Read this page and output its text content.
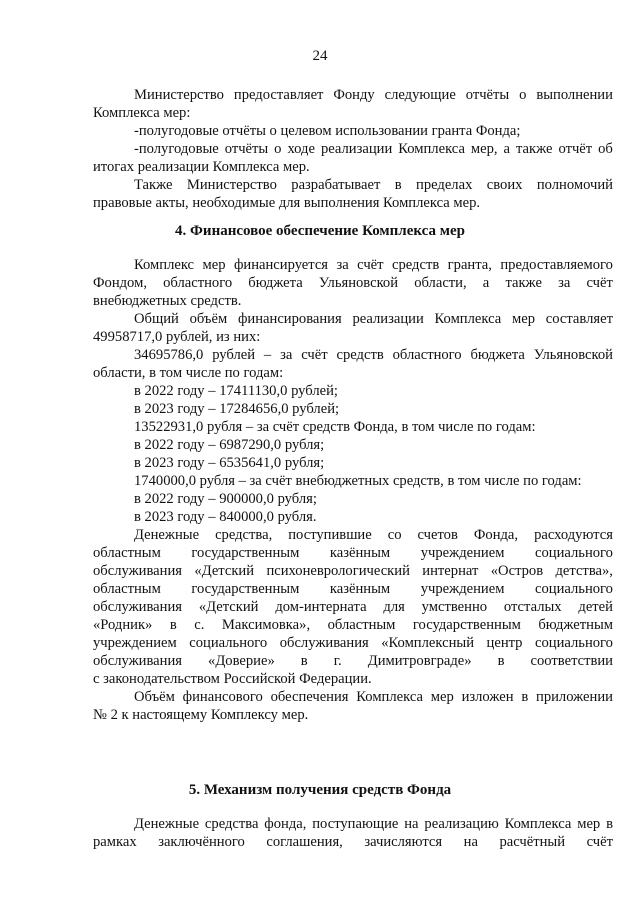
24
Министерство предоставляет Фонду следующие отчёты о выполнении
Комплекса мер:
-полугодовые отчёты о целевом использовании гранта Фонда;
-полугодовые отчёты о ходе реализации Комплекса мер, а также отчёт об
итогах реализации Комплекса мер.
Также Министерство разрабатывает в пределах своих полномочий
правовые акты, необходимые для выполнения Комплекса мер.
4. Финансовое обеспечение Комплекса мер
Комплекс мер финансируется за счёт средств гранта, предоставляемого
Фондом, областного бюджета Ульяновской области, а также за счёт
внебюджетных средств.
Общий объём финансирования реализации Комплекса мер составляет
49958717,0 рублей, из них:
34695786,0 рублей – за счёт средств областного бюджета Ульяновской
области, в том числе по годам:
в 2022 году – 17411130,0 рублей;
в 2023 году – 17284656,0 рублей;
13522931,0 рубля – за счёт средств Фонда, в том числе по годам:
в 2022 году – 6987290,0 рубля;
в 2023 году – 6535641,0 рубля;
1740000,0 рубля – за счёт внебюджетных средств, в том числе по годам:
в 2022 году – 900000,0 рубля;
в 2023 году – 840000,0 рубля.
Денежные средства, поступившие со счетов Фонда, расходуются
областным государственным казённым учреждением социального
обслуживания «Детский психоневрологический интернат «Остров детства»,
областным государственным казённым учреждением социального
обслуживания «Детский дом-интерната для умственно отсталых детей
«Родник» в с. Максимовка», областным государственным бюджетным
учреждением социального обслуживания «Комплексный центр социального
обслуживания «Доверие» в г. Димитровграде» в соответствии
с законодательством Российской Федерации.
Объём финансового обеспечения Комплекса мер изложен в приложении
№ 2 к настоящему Комплексу мер.
5. Механизм получения средств Фонда
Денежные средства фонда, поступающие на реализацию Комплекса мер в
рамках заключённого соглашения, зачисляются на расчётный счёт
